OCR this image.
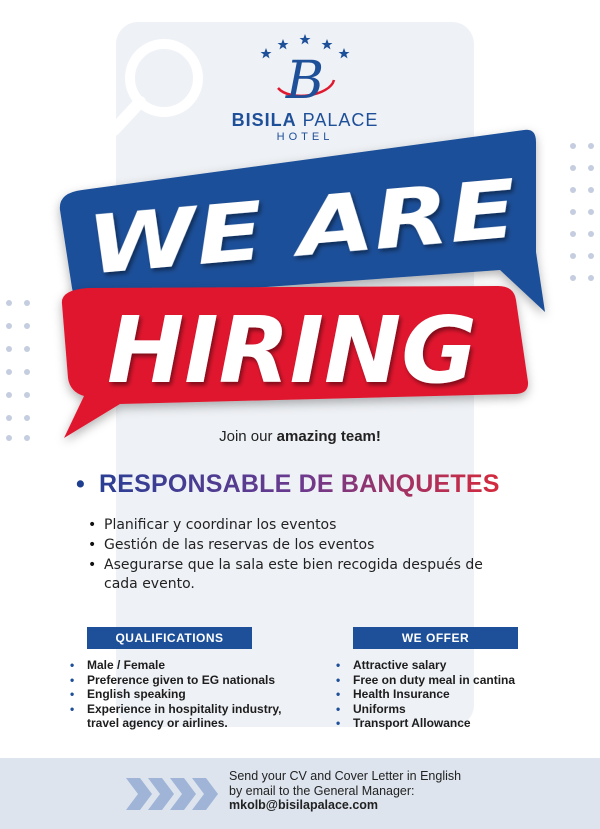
B
BISILA PALACE
HOTEL
WE ARE
HIRING
Join our amazing team!
• RESPONSABLE DE BANQUETES
• Planificar y coordinar los eventos
• Gestión de las reservas de los eventos
• Asegurarse que la sala este bien recogida después de cada evento.
QUALIFICATIONS
• Male / Female
• Preference given to EG nationals
• English speaking
• Experience in hospitality industry, travel agency or airlines.
WE OFFER
• Attractive salary
• Free on duty meal in cantina
• Health Insurance
• Uniforms
• Transport Allowance
Send your CV and Cover Letter in English
by email to the General Manager:
mkolb@bisilapalace.com
